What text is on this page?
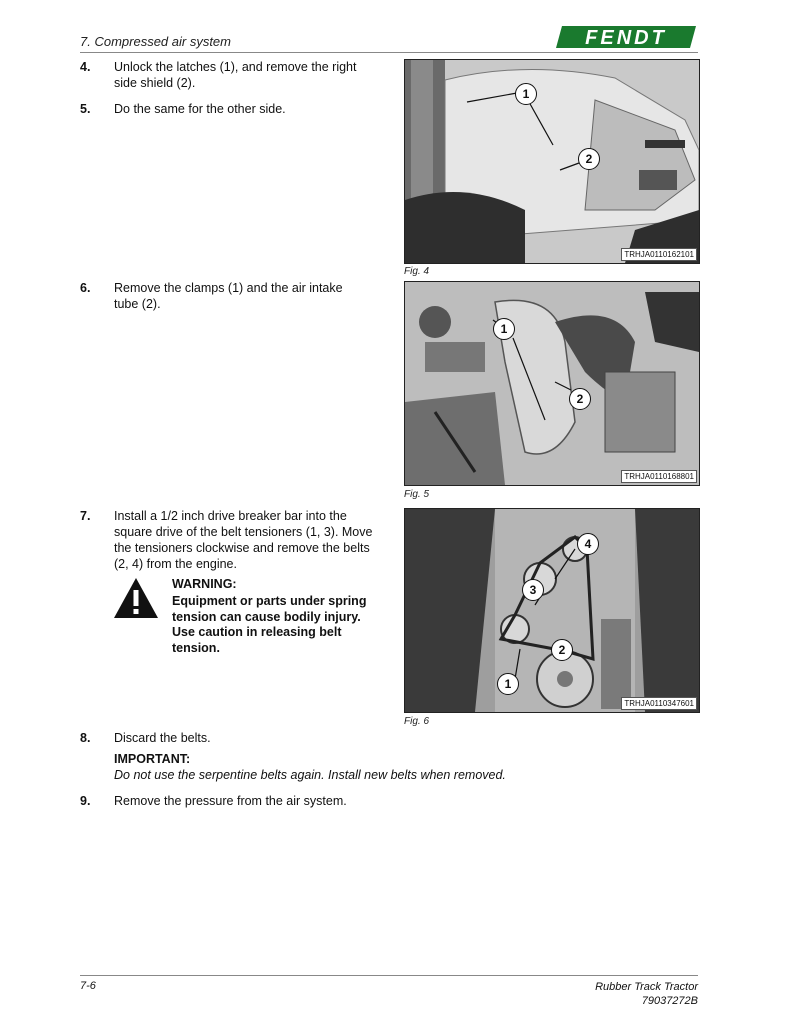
7. Compressed air system	FENDT
4. Unlock the latches (1), and remove the right side shield (2).
5. Do the same for the other side.
1
2
TRHJA0110162101
Fig. 4
6. Remove the clamps (1) and the air intake tube (2).
1
2
TRHJA0110168801
Fig. 5
7. Install a 1/2 inch drive breaker bar into the square drive of the belt tensioners (1, 3). Move the tensioners clockwise and remove the belts (2, 4) from the engine.
WARNING:
Equipment or parts under spring tension can cause bodily injury. Use caution in releasing belt tension.
4
3
2
1
TRHJA0110347601
Fig. 6
8. Discard the belts.
IMPORTANT:
Do not use the serpentine belts again. Install new belts when removed.
9. Remove the pressure from the air system.
7-6	Rubber Track Tractor
79037272B
